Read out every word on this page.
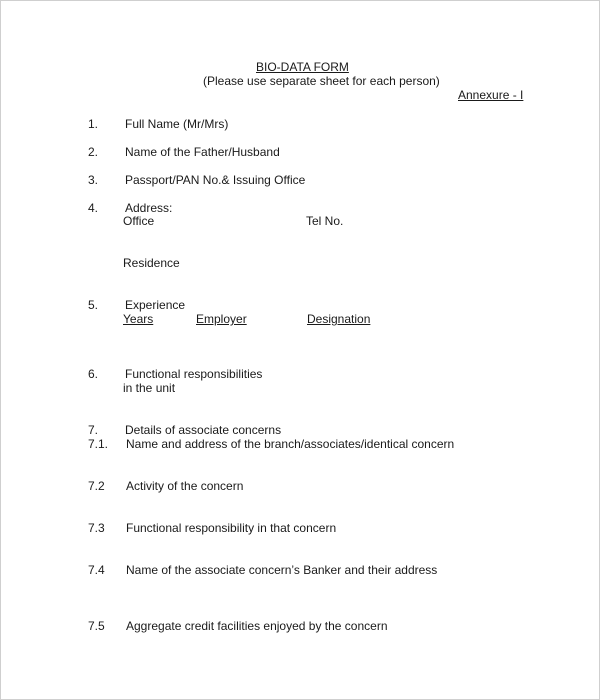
BIO-DATA FORM
(Please use separate sheet for each person)
Annexure - I
1. Full Name (Mr/Mrs)
2. Name of the Father/Husband
3. Passport/PAN No.& Issuing Office
4. Address:
Office	Tel No.
Residence
5. Experience
Years	Employer	Designation
6. Functional responsibilities
in the unit
7. Details of associate concerns
7.1. Name and address of the branch/associates/identical concern
7.2 Activity of the concern
7.3 Functional responsibility in that concern
7.4 Name of the associate concern’s Banker and their address
7.5 Aggregate credit facilities enjoyed by the concern
